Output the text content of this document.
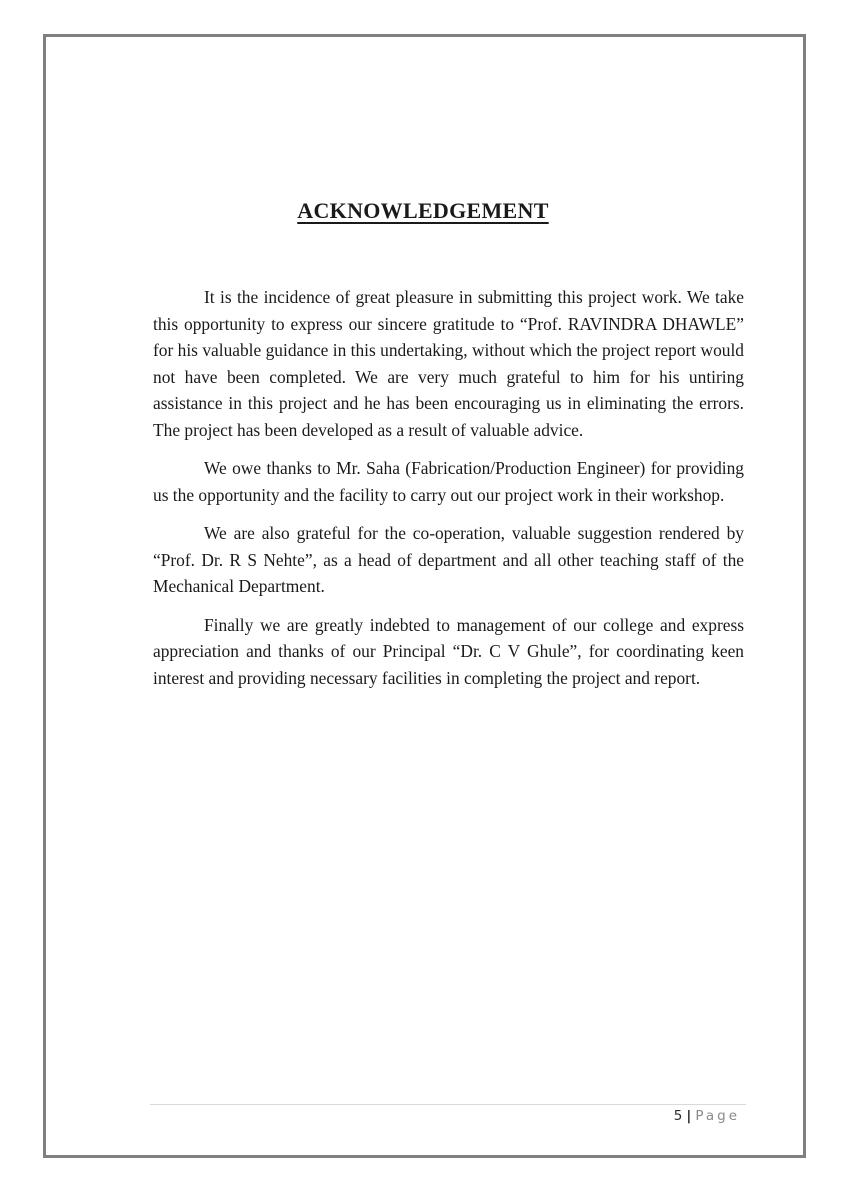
ACKNOWLEDGEMENT

It is the incidence of great pleasure in submitting this project work. We take this opportunity to express our sincere gratitude to “Prof. RAVINDRA DHAWLE” for his valuable guidance in this undertaking, without which the project report would not have been completed. We are very much grateful to him for his untiring assistance in this project and he has been encouraging us in eliminating the errors. The project has been developed as a result of valuable advice.

We owe thanks to Mr. Saha (Fabrication/Production Engineer) for providing us the opportunity and the facility to carry out our project work in their workshop.

We are also grateful for the co-operation, valuable suggestion rendered by “Prof. Dr. R S Nehte”, as a head of department and all other teaching staff of the Mechanical Department.

Finally we are greatly indebted to management of our college and express appreciation and thanks of our Principal “Dr. C V Ghule”, for coordinating keen interest and providing necessary facilities in completing the project and report.

5 | Page
